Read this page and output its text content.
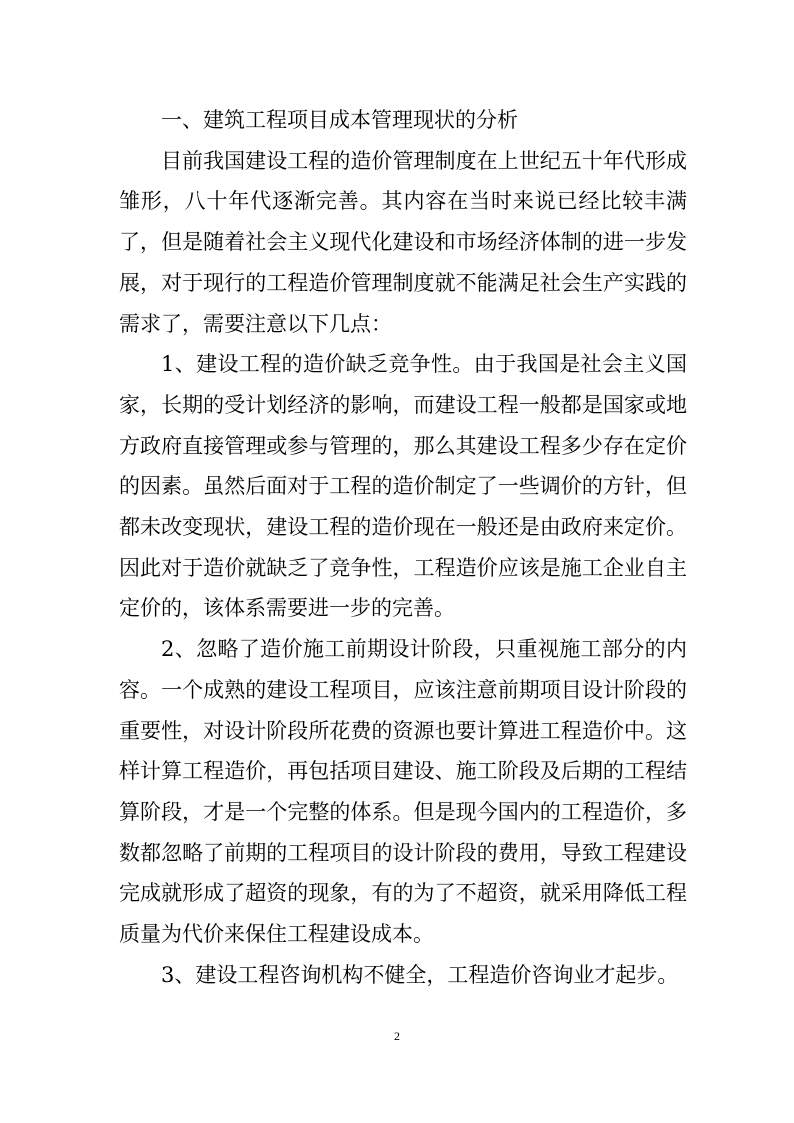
一、建筑工程项目成本管理现状的分析

目前我国建设工程的造价管理制度在上世纪五十年代形成雏形，八十年代逐渐完善。其内容在当时来说已经比较丰满了，但是随着社会主义现代化建设和市场经济体制的进一步发展，对于现行的工程造价管理制度就不能满足社会生产实践的需求了，需要注意以下几点：

1、建设工程的造价缺乏竞争性。由于我国是社会主义国家，长期的受计划经济的影响，而建设工程一般都是国家或地方政府直接管理或参与管理的，那么其建设工程多少存在定价的因素。虽然后面对于工程的造价制定了一些调价的方针，但都未改变现状，建设工程的造价现在一般还是由政府来定价。因此对于造价就缺乏了竞争性，工程造价应该是施工企业自主定价的，该体系需要进一步的完善。

2、忽略了造价施工前期设计阶段，只重视施工部分的内容。一个成熟的建设工程项目，应该注意前期项目设计阶段的重要性，对设计阶段所花费的资源也要计算进工程造价中。这样计算工程造价，再包括项目建设、施工阶段及后期的工程结算阶段，才是一个完整的体系。但是现今国内的工程造价，多数都忽略了前期的工程项目的设计阶段的费用，导致工程建设完成就形成了超资的现象，有的为了不超资，就采用降低工程质量为代价来保住工程建设成本。

3、建设工程咨询机构不健全，工程造价咨询业才起步。

2
